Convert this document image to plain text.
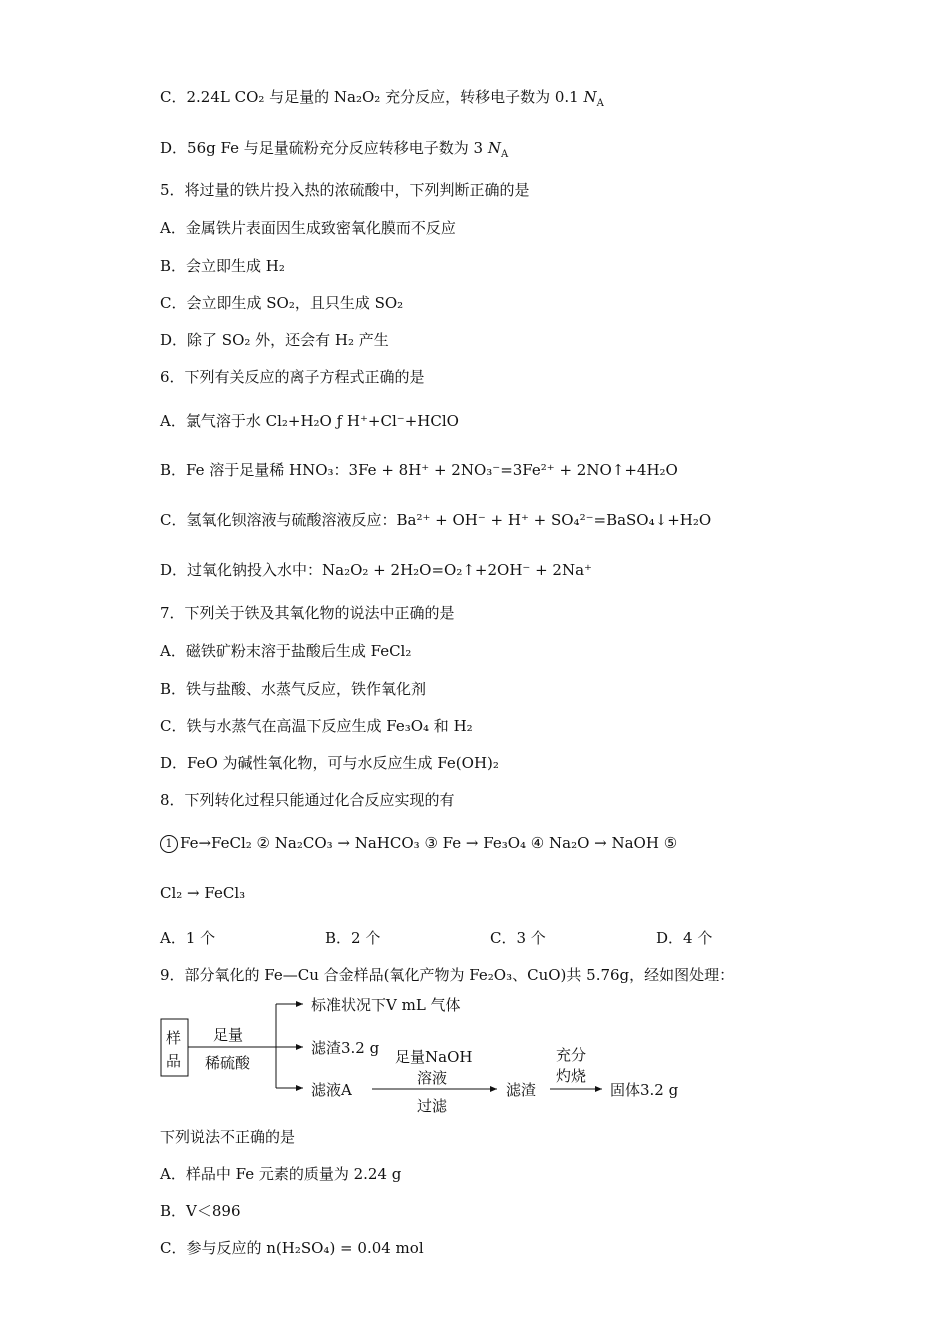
C．2.24L CO₂ 与足量的 Na₂O₂ 充分反应，转移电子数为 0.1 $N_A$
D．56g Fe 与足量硫粉充分反应转移电子数为 3 $N_A$
5．将过量的铁片投入热的浓硫酸中，下列判断正确的是
A．金属铁片表面因生成致密氧化膜而不反应
B．会立即生成 H₂
C．会立即生成 SO₂，且只生成 SO₂
D．除了 SO₂ 外，还会有 H₂ 产生
6．下列有关反应的离子方程式正确的是
A．氯气溶于水 Cl₂+H₂O ƒ H⁺+Cl⁻+HClO
B．Fe 溶于足量稀 HNO₃：3Fe + 8H⁺ + 2NO₃⁻=3Fe²⁺ + 2NO↑+4H₂O
C．氢氧化钡溶液与硫酸溶液反应：Ba²⁺ + OH⁻ + H⁺ + SO₄²⁻=BaSO₄↓+H₂O
D．过氧化钠投入水中：Na₂O₂ + 2H₂O=O₂↑+2OH⁻ + 2Na⁺
7．下列关于铁及其氧化物的说法中正确的是
A．磁铁矿粉末溶于盐酸后生成 FeCl₂
B．铁与盐酸、水蒸气反应，铁作氧化剂
C．铁与水蒸气在高温下反应生成 Fe₃O₄ 和 H₂
D．FeO 为碱性氧化物，可与水反应生成 Fe(OH)₂
8．下列转化过程只能通过化合反应实现的有
1 Fe→FeCl₂ ② Na₂CO₃ → NaHCO₃ ③ Fe → Fe₃O₄ ④ Na₂O → NaOH ⑤
Cl₂ → FeCl₃
A．1 个	B．2 个	C．3 个	D．4 个
9．部分氧化的 Fe—Cu 合金样品(氧化产物为 Fe₂O₃、CuO)共 5.76g，经如图处理：
样
品
足量
稀硫酸
标准状况下V mL 气体
滤渣3.2 g
滤液A
足量NaOH
溶液
过滤
滤渣
充分
灼烧
固体3.2 g
下列说法不正确的是
A．样品中 Fe 元素的质量为 2.24 g
B．V＜896
C．参与反应的 n(H₂SO₄) = 0.04 mol
